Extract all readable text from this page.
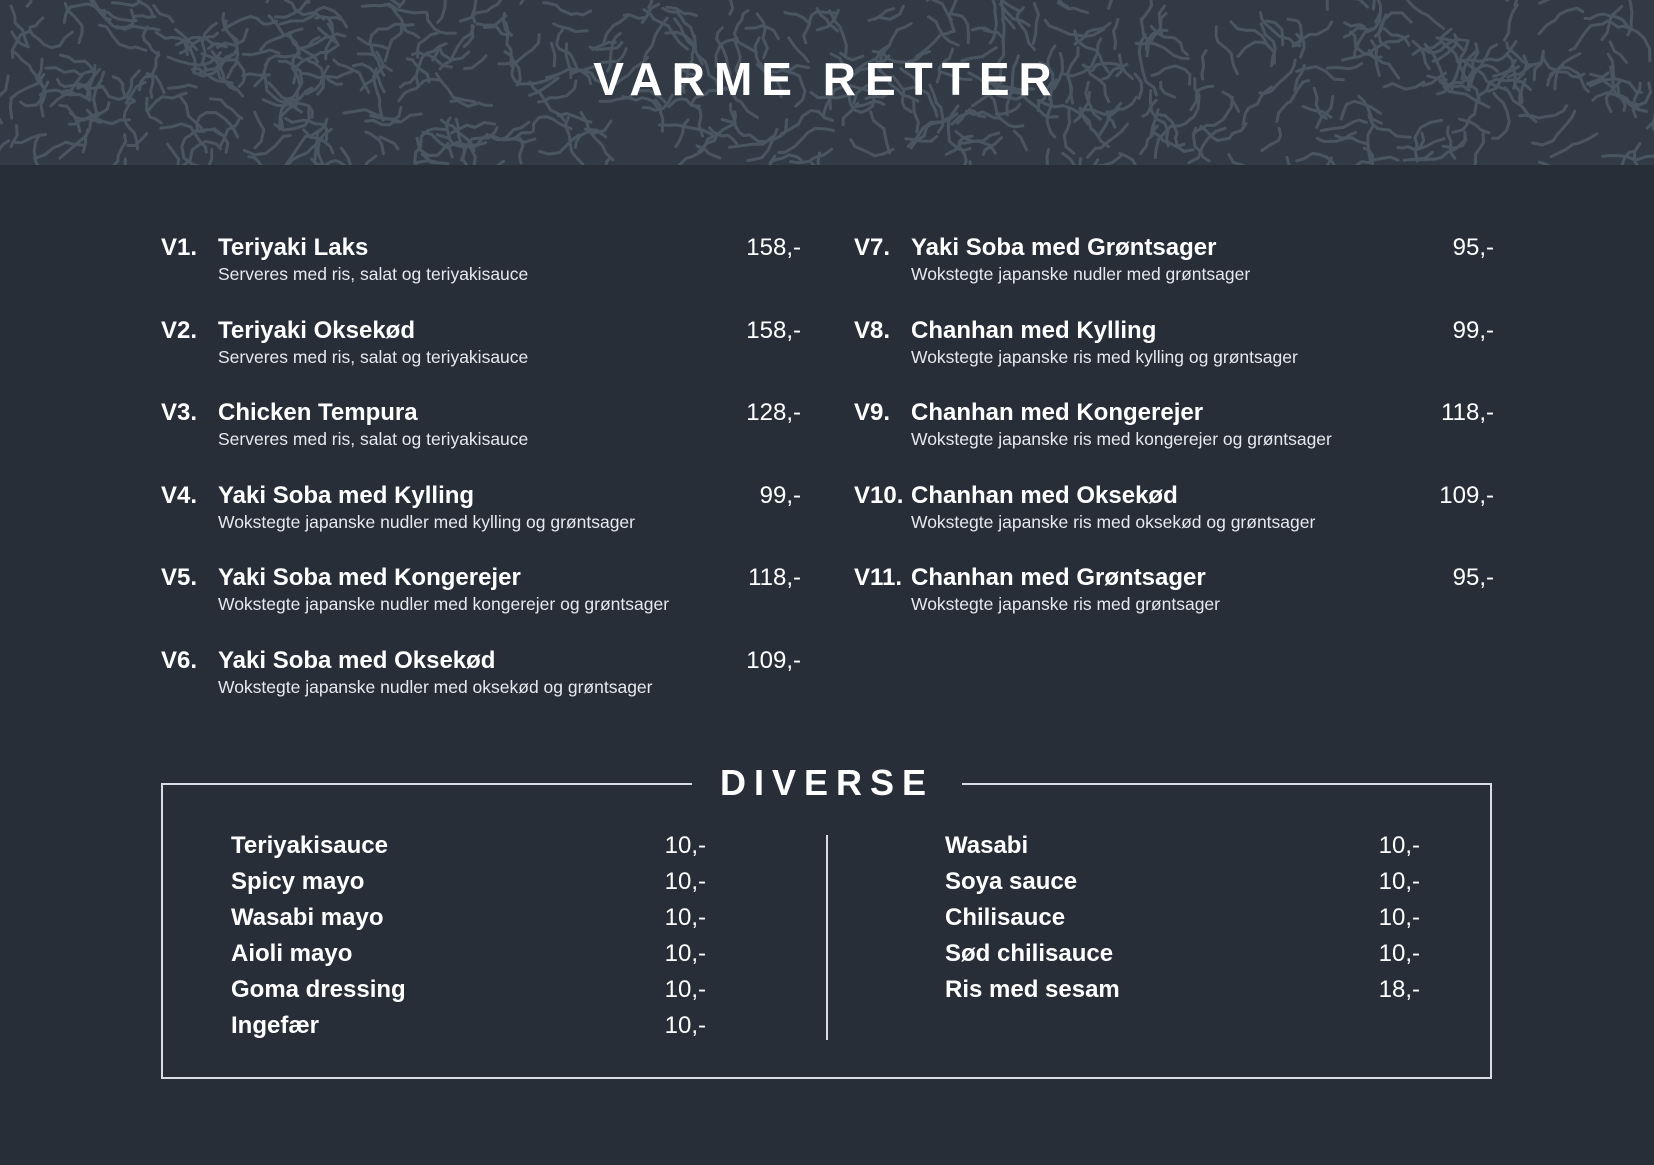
VARME RETTER
V1. Teriyaki Laks	158,-
Serveres med ris, salat og teriyakisauce
V2. Teriyaki Oksekød	158,-
Serveres med ris, salat og teriyakisauce
V3. Chicken Tempura	128,-
Serveres med ris, salat og teriyakisauce
V4. Yaki Soba med Kylling	99,-
Wokstegte japanske nudler med kylling og grøntsager
V5. Yaki Soba med Kongerejer	118,-
Wokstegte japanske nudler med kongerejer og grøntsager
V6. Yaki Soba med Oksekød	109,-
Wokstegte japanske nudler med oksekød og grøntsager
V7. Yaki Soba med Grøntsager	95,-
Wokstegte japanske nudler med grøntsager
V8. Chanhan med Kylling	99,-
Wokstegte japanske ris med kylling og grøntsager
V9. Chanhan med Kongerejer	118,-
Wokstegte japanske ris med kongerejer og grøntsager
V10. Chanhan med Oksekød	109,-
Wokstegte japanske ris med oksekød og grøntsager
V11. Chanhan med Grøntsager	95,-
Wokstegte japanske ris med grøntsager
DIVERSE
Teriyakisauce	10,-
Spicy mayo	10,-
Wasabi mayo	10,-
Aioli mayo	10,-
Goma dressing	10,-
Ingefær	10,-
Wasabi	10,-
Soya sauce	10,-
Chilisauce	10,-
Sød chilisauce	10,-
Ris med sesam	18,-
